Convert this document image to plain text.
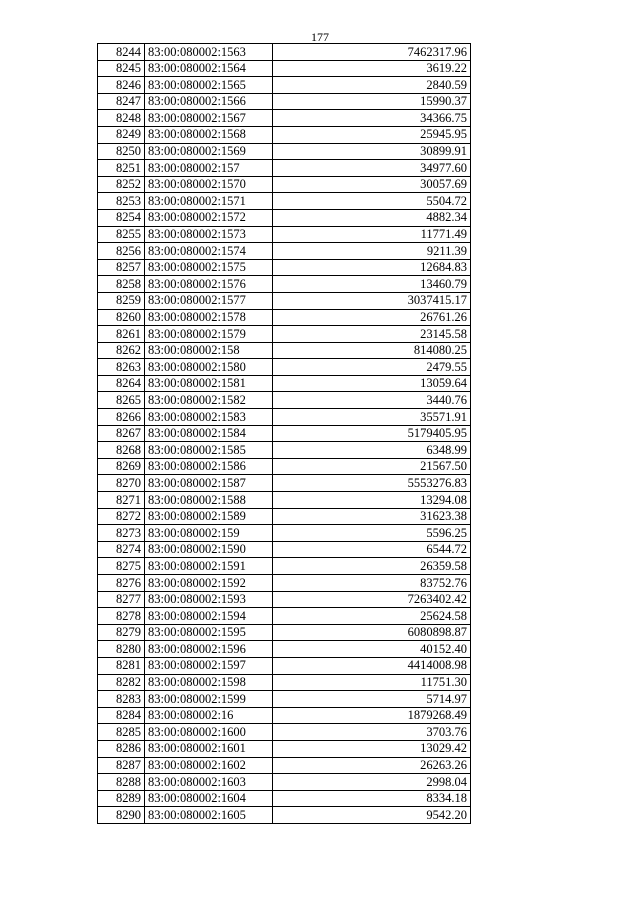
177
8244	83:00:080002:1563	7462317.96
8245	83:00:080002:1564	3619.22
8246	83:00:080002:1565	2840.59
8247	83:00:080002:1566	15990.37
8248	83:00:080002:1567	34366.75
8249	83:00:080002:1568	25945.95
8250	83:00:080002:1569	30899.91
8251	83:00:080002:157	34977.60
8252	83:00:080002:1570	30057.69
8253	83:00:080002:1571	5504.72
8254	83:00:080002:1572	4882.34
8255	83:00:080002:1573	11771.49
8256	83:00:080002:1574	9211.39
8257	83:00:080002:1575	12684.83
8258	83:00:080002:1576	13460.79
8259	83:00:080002:1577	3037415.17
8260	83:00:080002:1578	26761.26
8261	83:00:080002:1579	23145.58
8262	83:00:080002:158	814080.25
8263	83:00:080002:1580	2479.55
8264	83:00:080002:1581	13059.64
8265	83:00:080002:1582	3440.76
8266	83:00:080002:1583	35571.91
8267	83:00:080002:1584	5179405.95
8268	83:00:080002:1585	6348.99
8269	83:00:080002:1586	21567.50
8270	83:00:080002:1587	5553276.83
8271	83:00:080002:1588	13294.08
8272	83:00:080002:1589	31623.38
8273	83:00:080002:159	5596.25
8274	83:00:080002:1590	6544.72
8275	83:00:080002:1591	26359.58
8276	83:00:080002:1592	83752.76
8277	83:00:080002:1593	7263402.42
8278	83:00:080002:1594	25624.58
8279	83:00:080002:1595	6080898.87
8280	83:00:080002:1596	40152.40
8281	83:00:080002:1597	4414008.98
8282	83:00:080002:1598	11751.30
8283	83:00:080002:1599	5714.97
8284	83:00:080002:16	1879268.49
8285	83:00:080002:1600	3703.76
8286	83:00:080002:1601	13029.42
8287	83:00:080002:1602	26263.26
8288	83:00:080002:1603	2998.04
8289	83:00:080002:1604	8334.18
8290	83:00:080002:1605	9542.20
